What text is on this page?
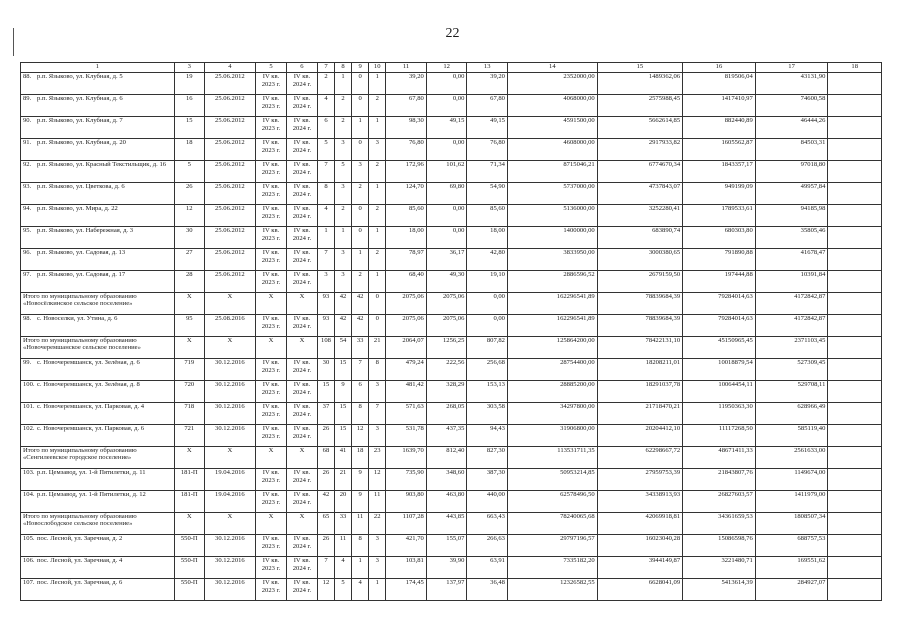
22
1	3	4	5	6	7	8	9	10	11	12	13	14	15	16	17	18
88. р.п. Языково, ул. Клубная, д. 5	19	25.06.2012	IV кв. 2023 г.	IV кв. 2024 г.	2	1	0	1	39,20	0,00	39,20	2352000,00	1489362,06	819506,04	43131,90	
89. р.п. Языково, ул. Клубная, д. 6	16	25.06.2012	IV кв. 2023 г.	IV кв. 2024 г.	4	2	0	2	67,80	0,00	67,80	4068000,00	2575988,45	1417410,97	74600,58	
90. р.п. Языково, ул. Клубная, д. 7	15	25.06.2012	IV кв. 2023 г.	IV кв. 2024 г.	6	2	1	1	98,30	49,15	49,15	4591500,00	5662614,85	882440,89	46444,26	
91. р.п. Языково, ул. Клубная, д. 20	18	25.06.2012	IV кв. 2023 г.	IV кв. 2024 г.	5	3	0	3	76,80	0,00	76,80	4608000,00	2917933,82	1605562,87	84503,31	
92. р.п. Языково, ул. Красный Текстильщик, д. 16	5	25.06.2012	IV кв. 2023 г.	IV кв. 2024 г.	7	5	3	2	172,96	101,62	71,34	8715046,21	6774670,34	1843357,17	97018,80	
93. р.п. Языково, ул. Цветкова, д. 6	26	25.06.2012	IV кв. 2023 г.	IV кв. 2024 г.	8	3	2	1	124,70	69,80	54,90	5737000,00	4737843,07	949199,09	49957,84	
94. р.п. Языково, ул. Мира, д. 22	12	25.06.2012	IV кв. 2023 г.	IV кв. 2024 г.	4	2	0	2	85,60	0,00	85,60	5136000,00	3252280,41	1789533,61	94185,98	
95. р.п. Языково, ул. Набережная, д. 3	30	25.06.2012	IV кв. 2023 г.	IV кв. 2024 г.	1	1	0	1	18,00	0,00	18,00	1400000,00	683890,74	680303,80	35805,46	
96. р.п. Языково, ул. Садовая, д. 13	27	25.06.2012	IV кв. 2023 г.	IV кв. 2024 г.	7	3	1	2	78,97	36,17	42,80	3833950,00	3000380,65	791890,88	41678,47	
97. р.п. Языково, ул. Садовая, д. 17	28	25.06.2012	IV кв. 2023 г.	IV кв. 2024 г.	3	3	2	1	68,40	49,30	19,10	2886596,52	2679159,50	197444,88	10391,84	
Итого по муниципальному образованию «Новосёлкинское сельское поселение»	X	X	X	X	93	42	42	0	2075,06	2075,06	0,00	162296541,89	78839684,39	79284014,63	4172842,87	
98. с. Новоселки, ул. Утина, д. 6	95	25.08.2016	IV кв. 2023 г.	IV кв. 2024 г.	93	42	42	0	2075,06	2075,06	0,00	162296541,89	78839684,39	79284014,63	4172842,87	
Итого по муниципальному образованию «Новочеремшанское сельское поселение»	X	X	X	X	108	54	33	21	2064,07	1256,25	807,82	125864200,00	78422131,10	45150965,45	2371103,45	
99. с. Новочеремшанск, ул. Зелёная, д. 6	719	30.12.2016	IV кв. 2023 г.	IV кв. 2024 г.	30	15	7	8	479,24	222,56	256,68	28754400,00	18208211,01	10018879,54	527309,45	
100. с. Новочеремшанск, ул. Зелёная, д. 8	720	30.12.2016	IV кв. 2023 г.	IV кв. 2024 г.	15	9	6	3	481,42	328,29	153,13	28885200,00	18291037,78	10064454,11	529708,11	
101. с. Новочеремшанск, ул. Парковая, д. 4	718	30.12.2016	IV кв. 2023 г.	IV кв. 2024 г.	37	15	8	7	571,63	268,05	303,58	34297800,00	21718470,21	11950363,30	628966,49	
102. с. Новочеремшанск, ул. Парковая, д. 6	721	30.12.2016	IV кв. 2023 г.	IV кв. 2024 г.	26	15	12	3	531,78	437,35	94,43	31906800,00	20204412,10	11117268,50	585119,40	
Итого по муниципальному образованию «Сенгилеевское городское поселение»	X	X	X	X	68	41	18	23	1639,70	812,40	827,30	113531711,35	62298667,72	48671411,33	2561633,00	
103. р.п. Цемзавод, ул. 1-й Пятилетки, д. 11	181-П	19.04.2016	IV кв. 2023 г.	IV кв. 2024 г.	26	21	9	12	735,90	348,60	387,30	50953214,85	27959753,39	21843807,76	1149674,00	
104. р.п. Цемзавод, ул. 1-й Пятилетки, д. 12	181-П	19.04.2016	IV кв. 2023 г.	IV кв. 2024 г.	42	20	9	11	903,80	463,80	440,00	62578496,50	34338913,93	26827603,57	1411979,00	
Итого по муниципальному образованию «Новослободское сельское поселение»	X	X	X	X	65	33	11	22	1107,28	443,85	663,43	78240065,68	42069918,81	34361659,53	1808507,34	
105. пос. Лесной, ул. Заречная, д. 2	550-П	30.12.2016	IV кв. 2023 г.	IV кв. 2024 г.	26	11	8	3	421,70	155,07	266,63	29797196,57	16023040,28	15086598,76	688757,53	
106. пос. Лесной, ул. Заречная, д. 4	550-П	30.12.2016	IV кв. 2023 г.	IV кв. 2024 г.	7	4	1	3	103,81	39,90	63,91	7335182,20	3944149,87	3221480,71	169551,62	
107. пос. Лесной, ул. Заречная, д. 6	550-П	30.12.2016	IV кв. 2023 г.	IV кв. 2024 г.	12	5	4	1	174,45	137,97	36,48	12326582,55	6628041,09	5413614,39	284927,07	
